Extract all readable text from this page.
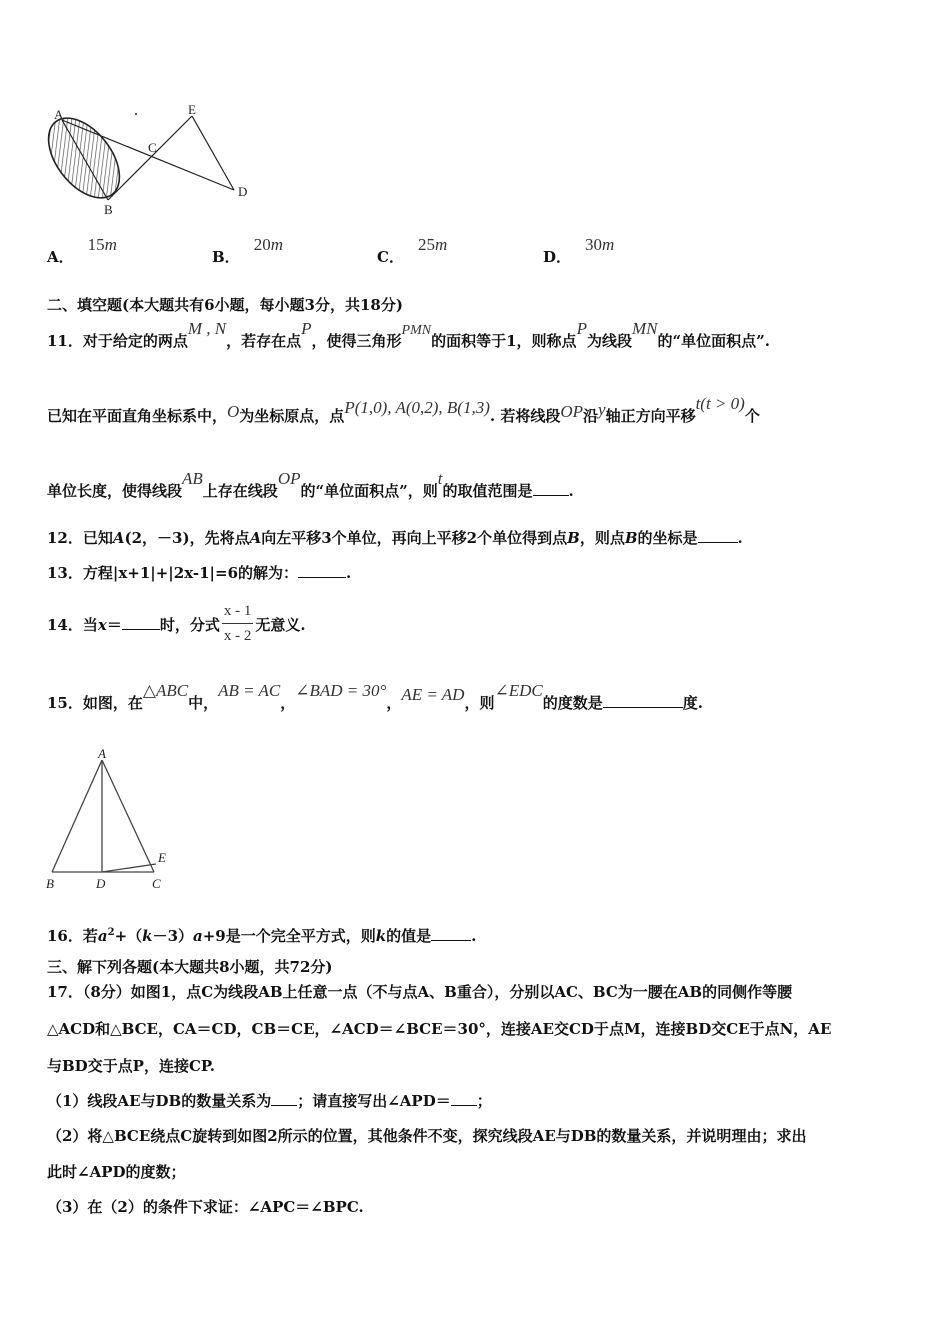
A
B
C
D
E
A．15m
B．20m
C．25m
D．30m
二、填空题(本大题共有6小题，每小题3分，共18分)
11．对于给定的两点M , N，若存在点P，使得三角形PMN的面积等于1，则称点P为线段MN的“单位面积点”.
已知在平面直角坐标系中，O为坐标原点，点P(1,0), A(0,2), B(1,3). 若将线段OP沿y轴正方向平移t(t > 0)个
单位长度，使得线段AB上存在线段OP的“单位面积点”，则t的取值范围是 .
12．已知A(2，－3)，先将点A向左平移3个单位，再向上平移2个单位得到点B，则点B的坐标是	.
13．方程|x+1|+|2x-1|=6的解为：	.
14．当x＝	时，分式 $\frac{x - 1}{x - 2}$ 无意义.
15．如图，在△ABC中，AB = AC，∠BAD = 30°，AE = AD，则∠EDC的度数是	度.
A
B	D	C
E
16．若$a^2+(k-3)a+9$是一个完全平方式，则k的值是	.
三、解下列各题(本大题共8小题，共72分)
17．（8分）如图1，点C为线段AB上任意一点（不与点A、B重合），分别以AC、BC为一腰在AB的同侧作等腰
△ACD和△BCE，CA＝CD，CB＝CE，∠ACD＝∠BCE＝30°，连接AE交CD于点M，连接BD交CE于点N，AE
与BD交于点P，连接CP.
（1）线段AE与DB的数量关系为 ；请直接写出∠APD＝ ；
（2）将△BCE绕点C旋转到如图2所示的位置，其他条件不变，探究线段AE与DB的数量关系，并说明理由；求出
此时∠APD的度数；
（3）在（2）的条件下求证：∠APC＝∠BPC.
